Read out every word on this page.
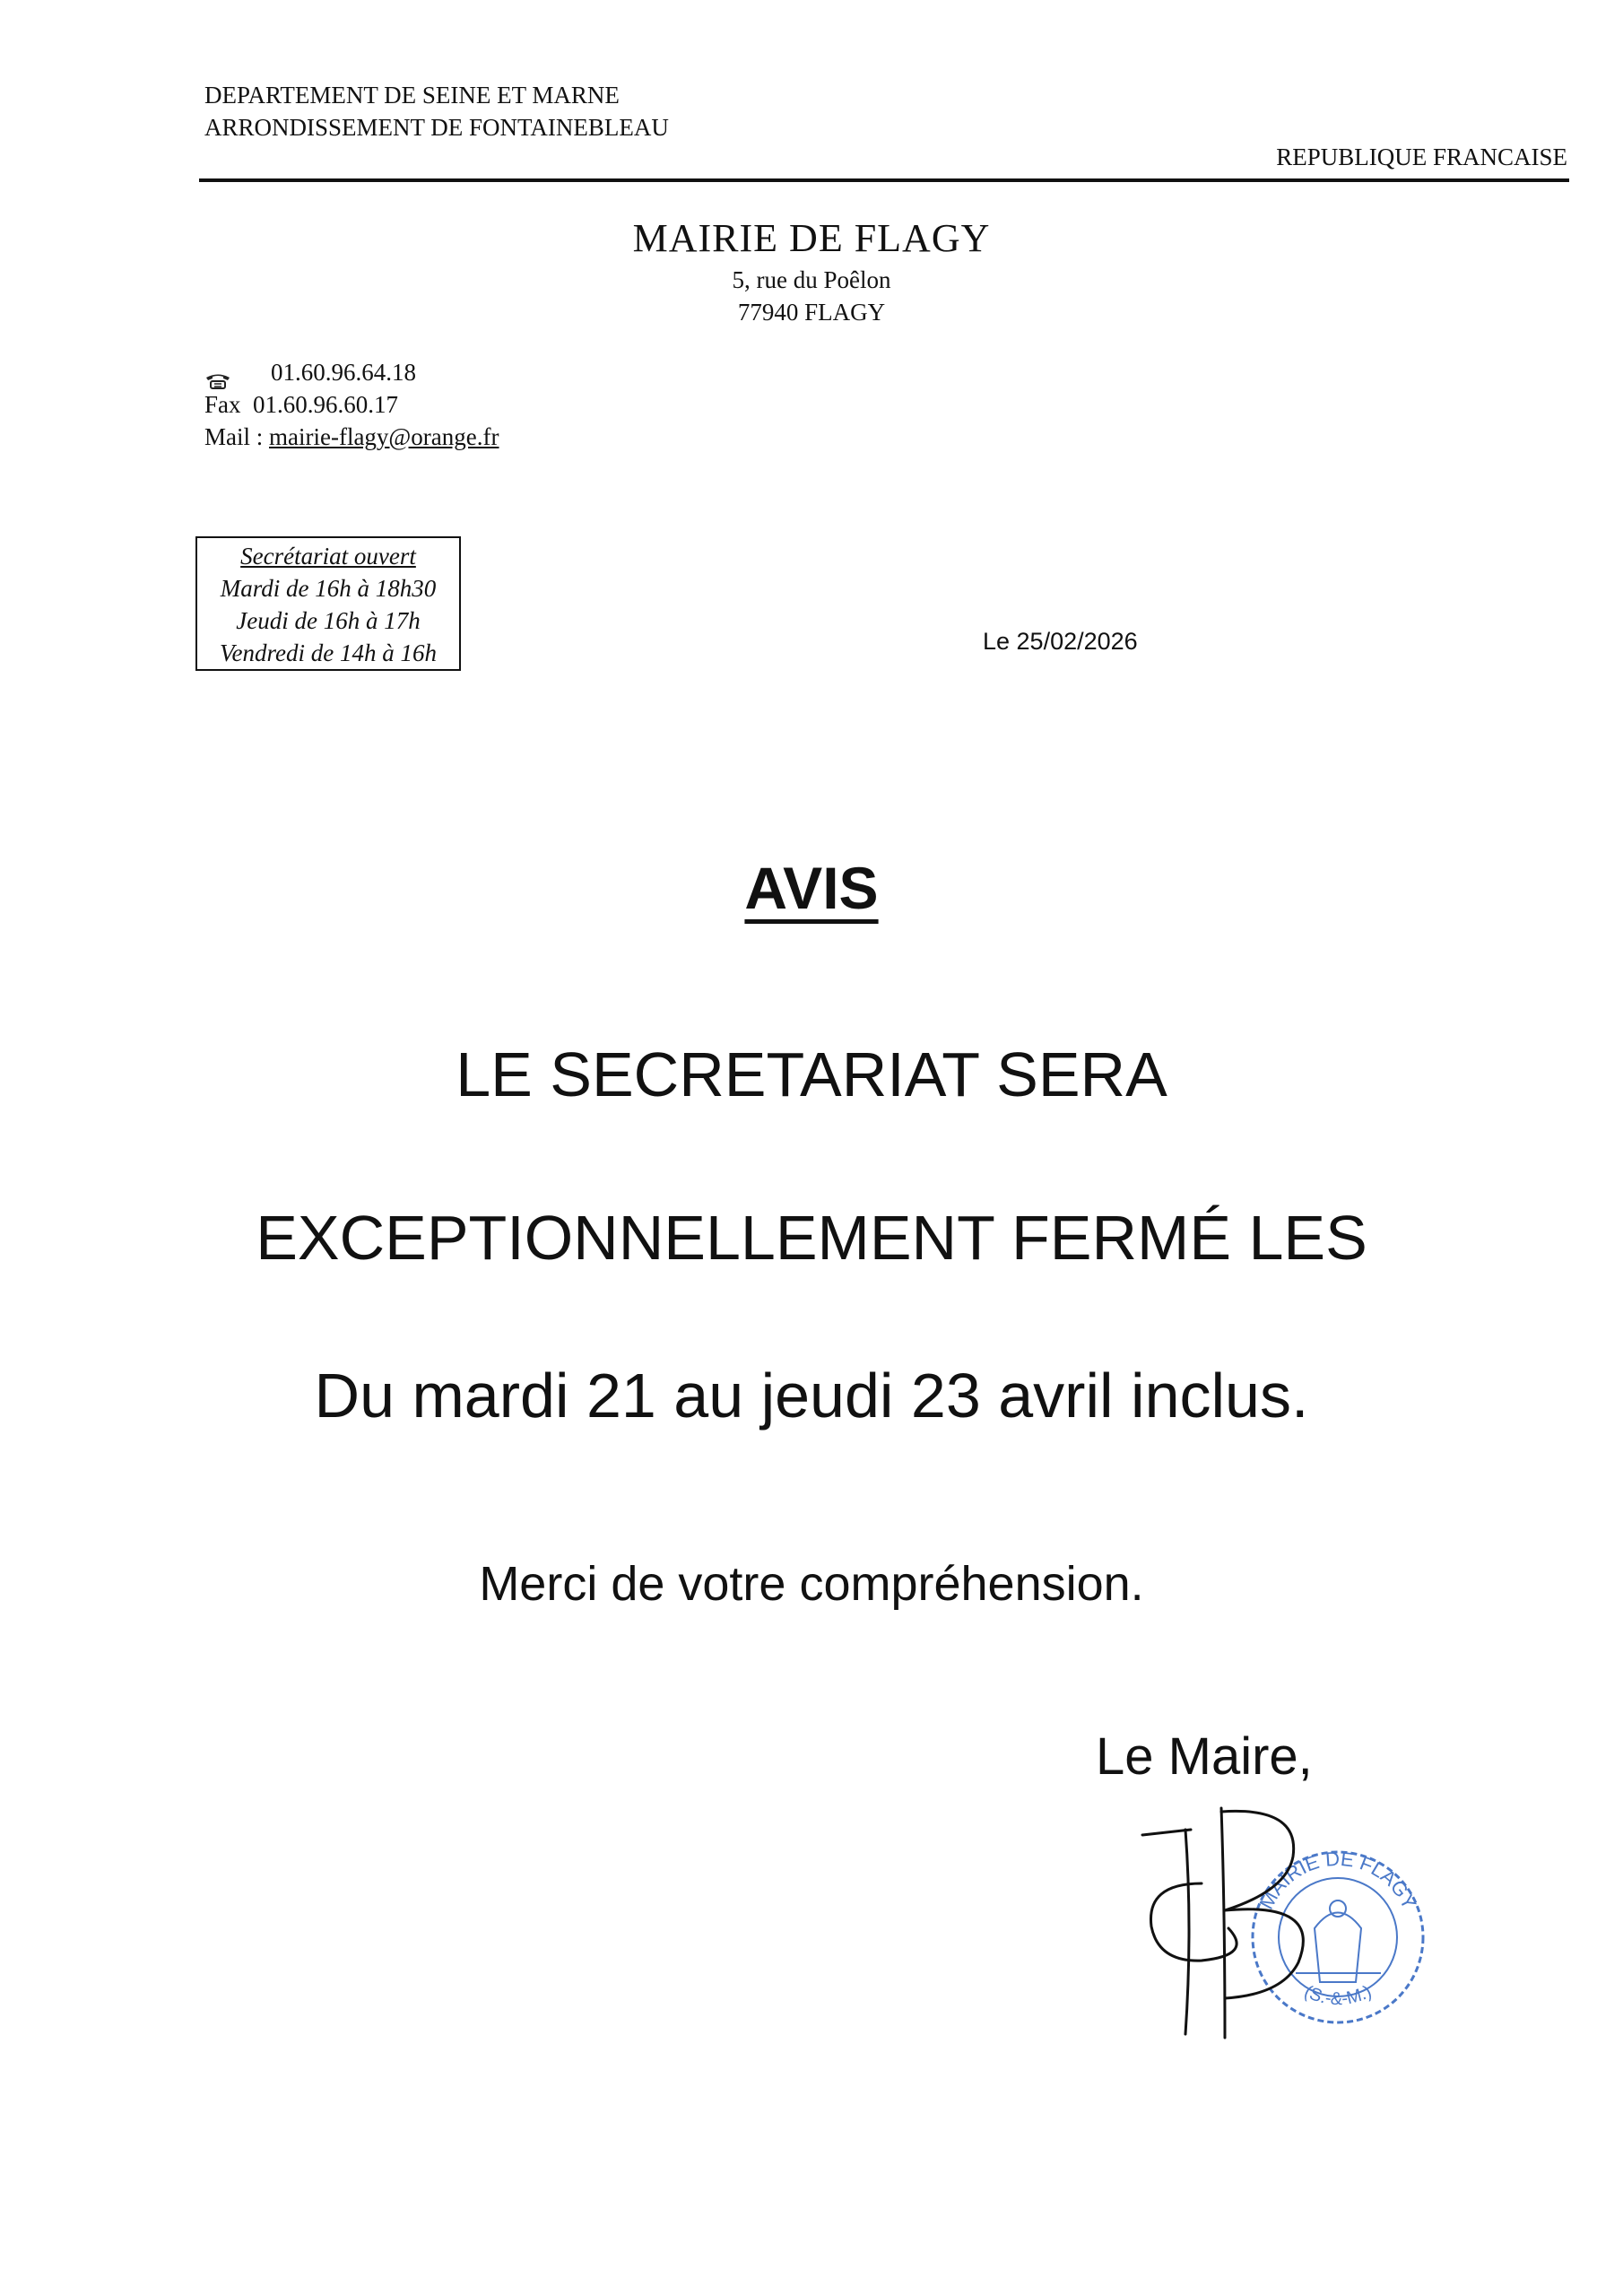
DEPARTEMENT DE SEINE ET MARNE
ARRONDISSEMENT DE FONTAINEBLEAU
REPUBLIQUE FRANCAISE
MAIRIE DE FLAGY
5, rue du Poêlon
77940 FLAGY
01.60.96.64.18
Fax 01.60.96.60.17
Mail : mairie-flagy@orange.fr
Secrétariat ouvert
Mardi de 16h à 18h30
Jeudi de 16h à 17h
Vendredi de 14h à 16h	Le 25/02/2026
AVIS
LE SECRETARIAT SERA
EXCEPTIONNELLEMENT FERMÉ LES
Du mardi 21 au jeudi 23 avril inclus.
Merci de votre compréhension.
Le Maire,
MAIRIE DE FLAGY
(S.-&-M.)
